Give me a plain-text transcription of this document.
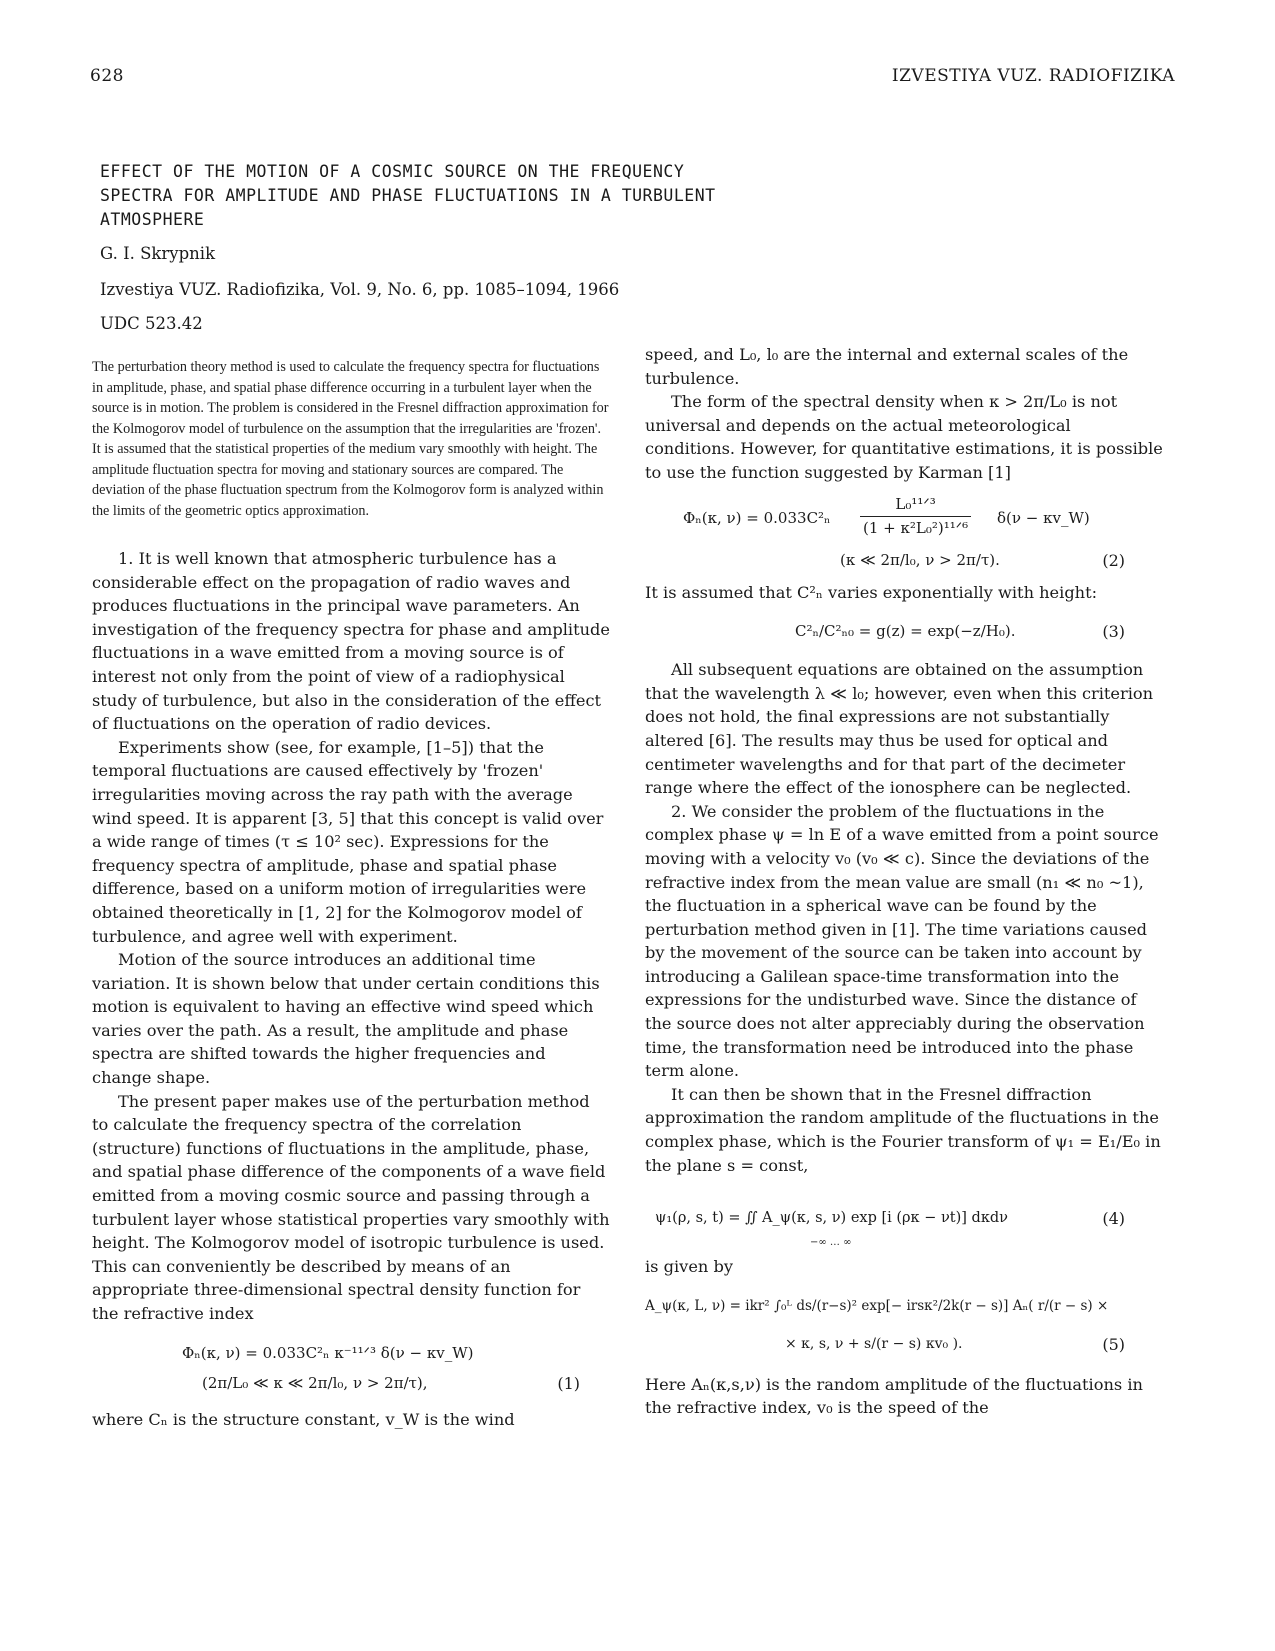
628	IZVESTIYA VUZ. RADIOFIZIKA
EFFECT OF THE MOTION OF A COSMIC SOURCE ON THE FREQUENCY
SPECTRA FOR AMPLITUDE AND PHASE FLUCTUATIONS IN A TURBULENT
ATMOSPHERE
G. I. Skrypnik
Izvestiya VUZ. Radiofizika, Vol. 9, No. 6, pp. 1085–1094, 1966
UDC 523.42

The perturbation theory method is used to calculate the frequency spectra for fluctuations in amplitude, phase, and spatial phase difference occurring in a turbulent layer when the source is in motion. The problem is considered in the Fresnel diffraction approximation for the Kolmogorov model of turbulence on the assumption that the irregularities are 'frozen'. It is assumed that the statistical properties of the medium vary smoothly with height. The amplitude fluctuation spectra for moving and stationary sources are compared. The deviation of the phase fluctuation spectrum from the Kolmogorov form is analyzed within the limits of the geometric optics approximation.

1. It is well known that atmospheric turbulence has a considerable effect on the propagation of radio waves and produces fluctuations in the principal wave parameters. An investigation of the frequency spectra for phase and amplitude fluctuations in a wave emitted from a moving source is of interest not only from the point of view of a radiophysical study of turbulence, but also in the consideration of the effect of fluctuations on the operation of radio devices.

Experiments show (see, for example, [1–5]) that the temporal fluctuations are caused effectively by 'frozen' irregularities moving across the ray path with the average wind speed. It is apparent [3, 5] that this concept is valid over a wide range of times (τ ≤ 10² sec). Expressions for the frequency spectra of amplitude, phase and spatial phase difference, based on a uniform motion of irregularities were obtained theoretically in [1, 2] for the Kolmogorov model of turbulence, and agree well with experiment.

Motion of the source introduces an additional time variation. It is shown below that under certain conditions this motion is equivalent to having an effective wind speed which varies over the path. As a result, the amplitude and phase spectra are shifted towards the higher frequencies and change shape.

The present paper makes use of the perturbation method to calculate the frequency spectra of the correlation (structure) functions of fluctuations in the amplitude, phase, and spatial phase difference of the components of a wave field emitted from a moving cosmic source and passing through a turbulent layer whose statistical properties vary smoothly with height. The Kolmogorov model of isotropic turbulence is used. This can conveniently be described by means of an appropriate three-dimensional spectral density function for the refractive index

Φₙ(κ, ν) = 0.033C²ₙ κ⁻¹¹ᐟ³ δ(ν − κv_W)
(2π/L₀ ≪ κ ≪ 2π/l₀, ν > 2π/τ),	(1)

where Cₙ is the structure constant, v_W is the wind

speed, and L₀, l₀ are the internal and external scales of the turbulence.

The form of the spectral density when κ > 2π/L₀ is not universal and depends on the actual meteorological conditions. However, for quantitative estimations, it is possible to use the function suggested by Karman [1]

Φₙ(κ, $\nu) = 0.033C^2_n \frac{\text{L₀¹¹ᐟ³}}{\text{(1 + κ²L₀²)¹¹ᐟ⁶}} \delta(\nu$ − κv_W)
(κ ≪ 2π/l₀, ν > 2π/τ).	(2)

It is assumed that C²ₙ varies exponentially with height:

C²ₙ/C²ₙ₀ = g(z) = exp(−z/H₀).	(3)

All subsequent equations are obtained on the assumption that the wavelength λ ≪ l₀; however, even when this criterion does not hold, the final expressions are not substantially altered [6]. The results may thus be used for optical and centimeter wavelengths and for that part of the decimeter range where the effect of the ionosphere can be neglected.

2. We consider the problem of the fluctuations in the complex phase ψ = ln E of a wave emitted from a point source moving with a velocity v₀ (v₀ ≪ c). Since the deviations of the refractive index from the mean value are small (n₁ ≪ n₀ ~1), the fluctuation in a spherical wave can be found by the perturbation method given in [1]. The time variations caused by the movement of the source can be taken into account by introducing a Galilean space-time transformation into the expressions for the undisturbed wave. Since the distance of the source does not alter appreciably during the observation time, the transformation need be introduced into the phase term alone.

It can then be shown that in the Fresnel diffraction approximation the random amplitude of the fluctuations in the complex phase, which is the Fourier transform of ψ₁ = E₁/E₀ in the plane s = const,

ψ₁(ρ, s, t) = ∬ A_ψ(κ, s, ν) exp [i (ρκ − νt)] dκdν
−∞ … ∞
(4)

is given by

A_ψ(κ, L, ν) = ikr² ∫₀ᴸ ds/(r−s)² exp[− irsκ²/2k(r − s)] Aₙ( r/(r − s) ×
× κ, s, ν + s/(r − s) κv₀ ).	(5)

Here Aₙ(κ,s,ν) is the random amplitude of the fluctuations in the refractive index, v₀ is the speed of the
